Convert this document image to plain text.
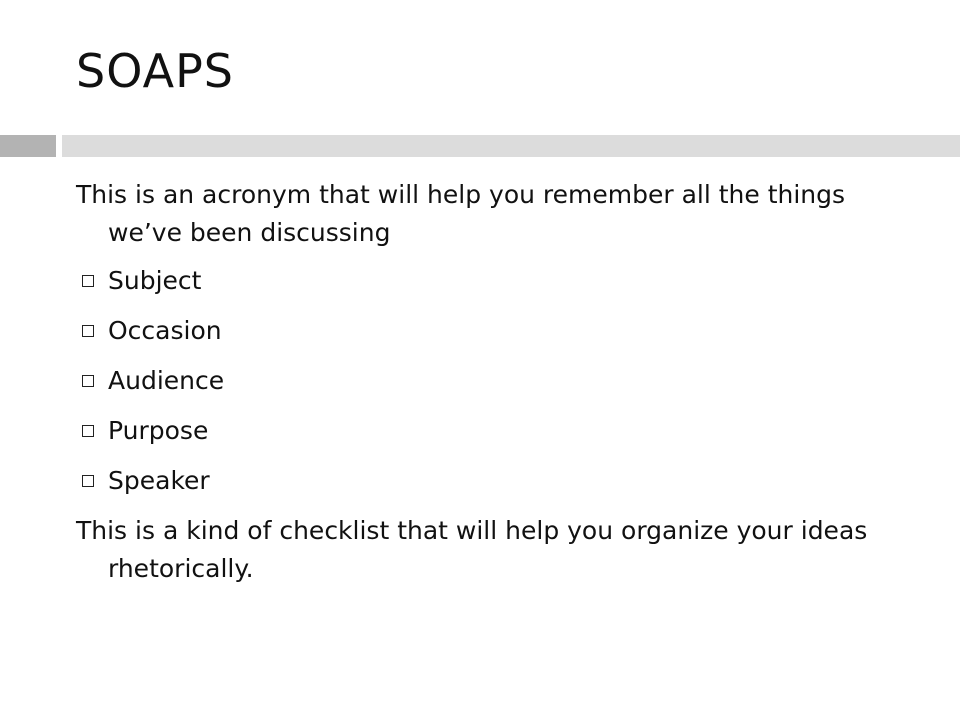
SOAPS

This is an acronym that will help you remember all the things we’ve been discussing

Subject
Occasion
Audience
Purpose
Speaker

This is a kind of checklist that will help you organize your ideas rhetorically.
